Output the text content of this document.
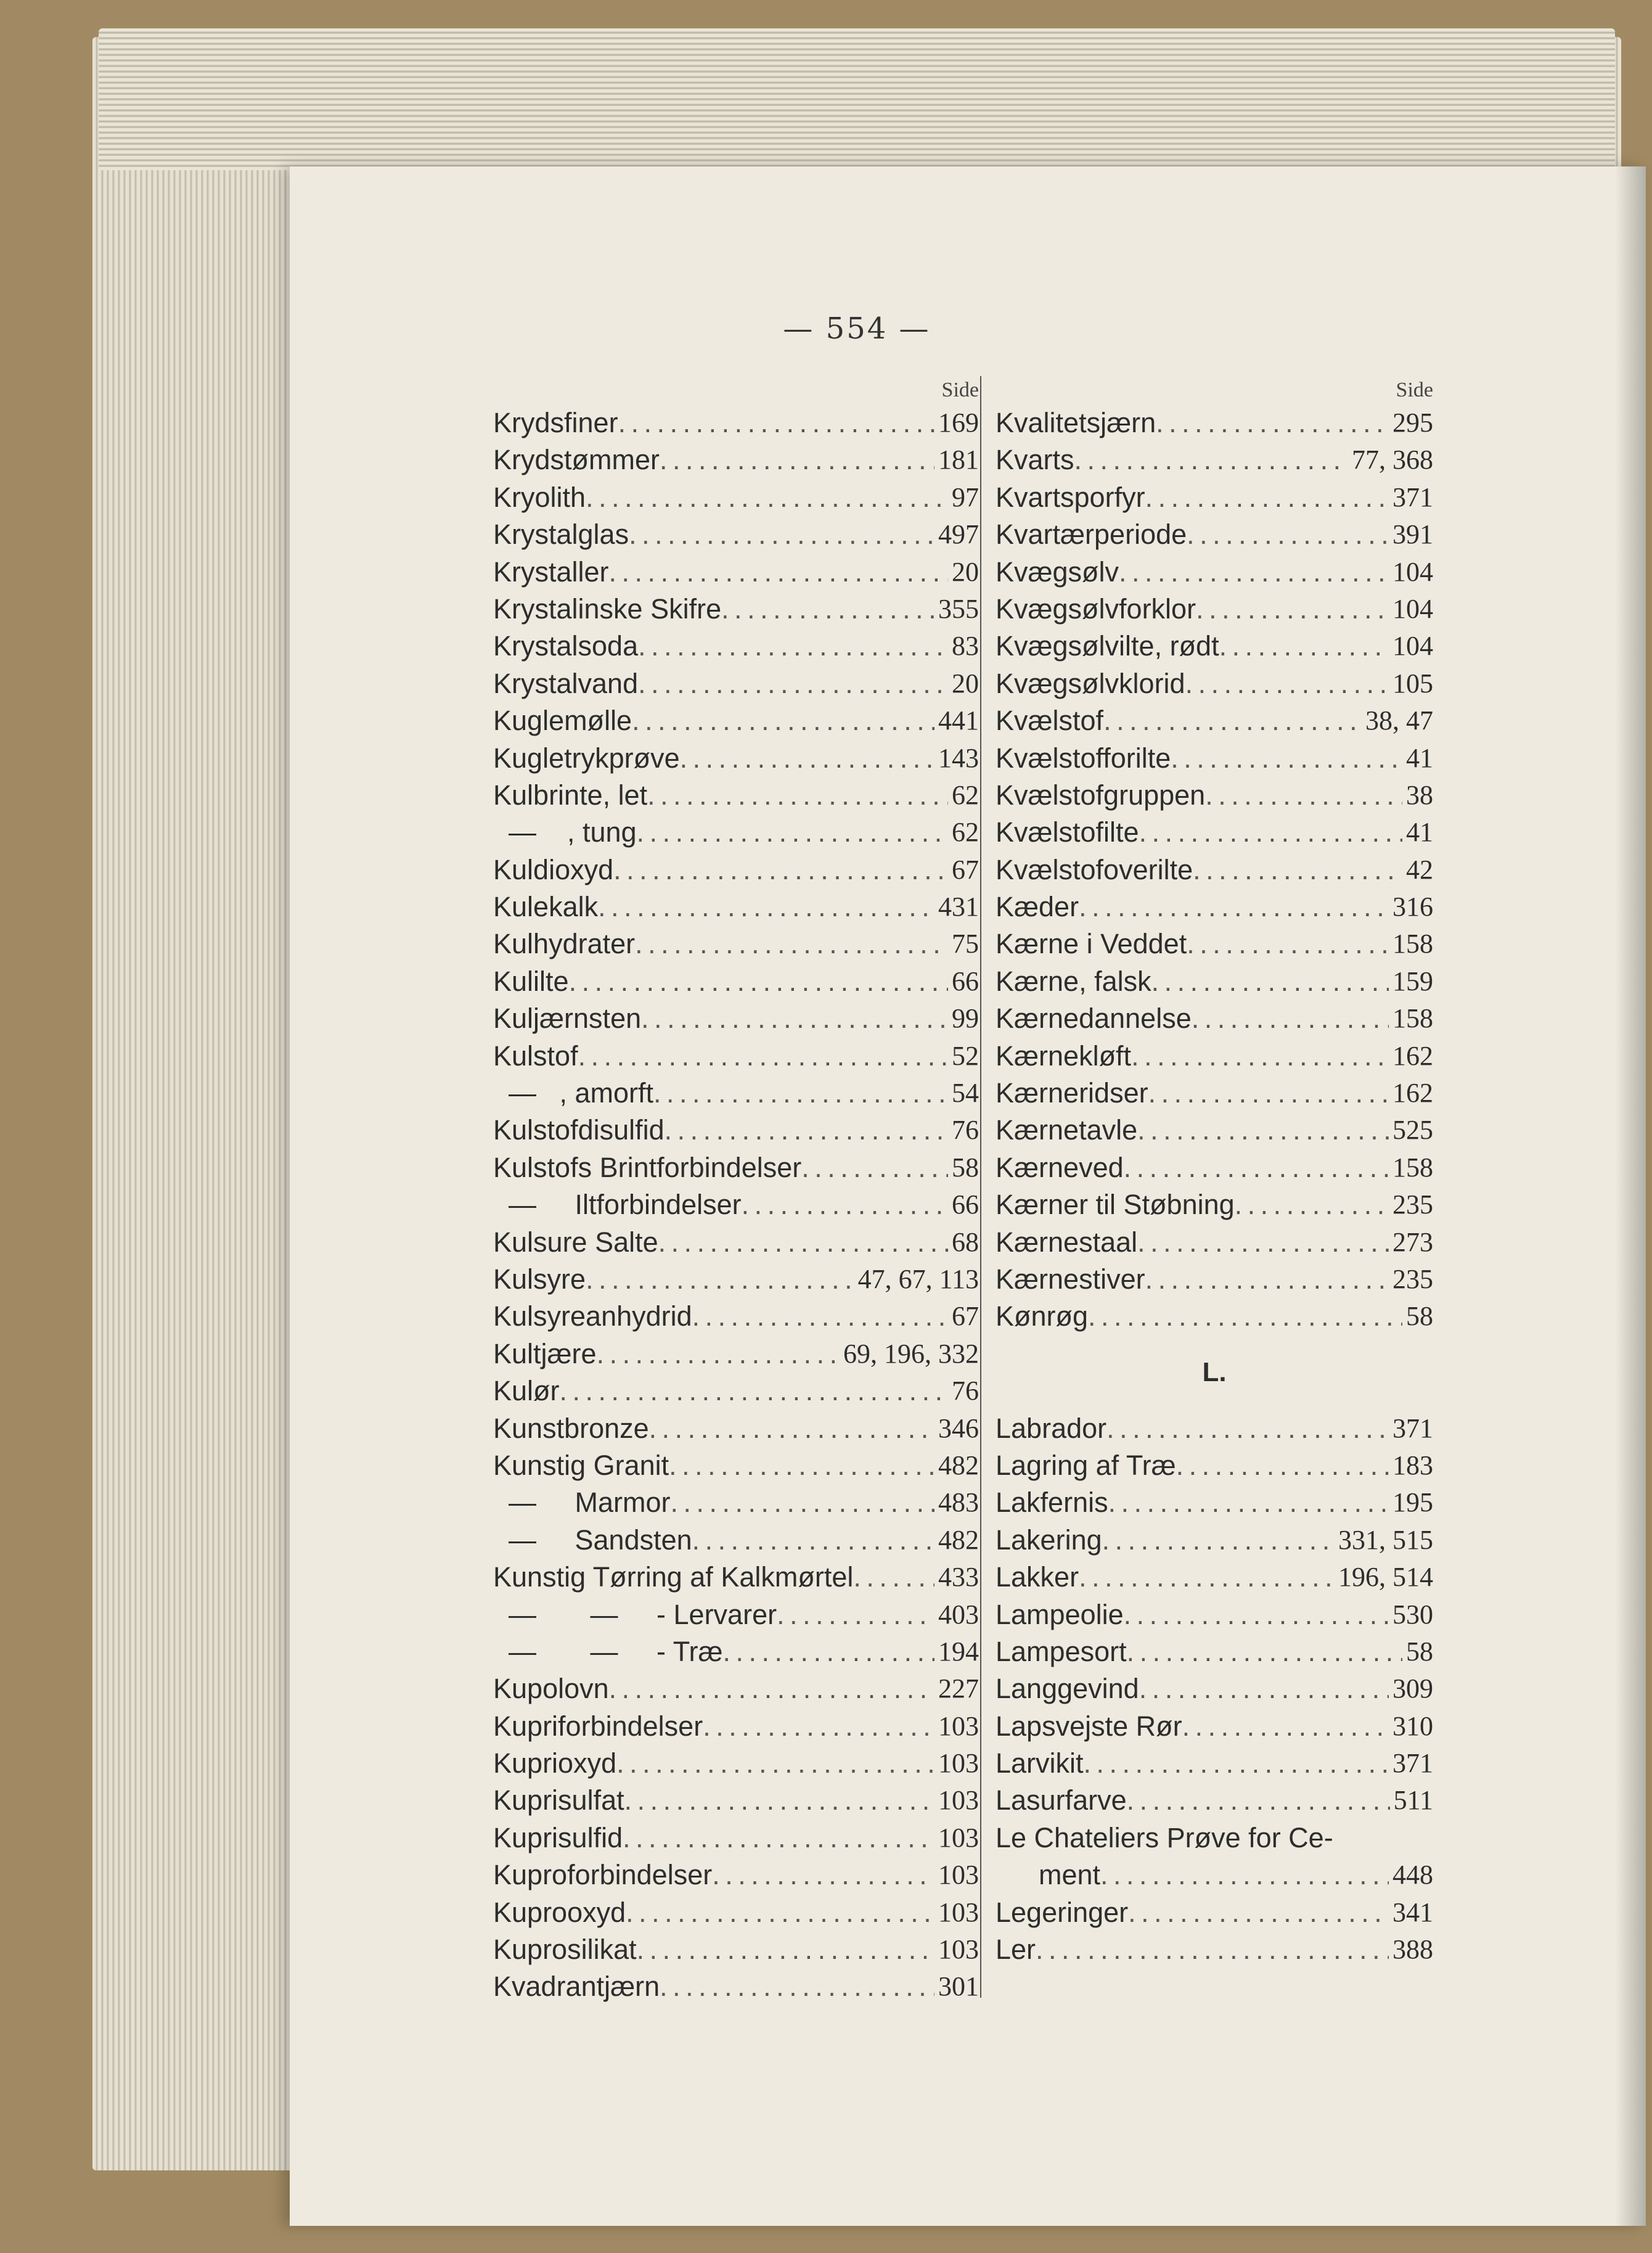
— 554 —
Side
Krydsfiner . . .	169
Krydstømmer . . .	181
Kryolith . . .	97
Krystalglas . . .	497
Krystaller . . .	20
Krystalinske Skifre . . .	355
Krystalsoda . . .	83
Krystalvand . . .	20
Kuglemølle . . .	441
Kugletrykprøve . . .	143
Kulbrinte, let . . .	62
—    , tung . . .	62
Kuldioxyd . . .	67
Kulekalk . . .	431
Kulhydrater . . .	75
Kulilte . . .	66
Kuljærnsten . . .	99
Kulstof . . .	52
—   , amorft . . .	54
Kulstofdisulfid . . .	76
Kulstofs Brintforbindelser . . .	58
—     Iltforbindelser . . .	66
Kulsure Salte . . .	68
Kulsyre . . .	47, 67, 113
Kulsyreanhydrid . . .	67
Kultjære . . .	69, 196, 332
Kulør . . .	76
Kunstbronze . . .	346
Kunstig Granit . . .	482
—     Marmor . . .	483
—     Sandsten . . .	482
Kunstig Tørring af Kalkmørtel . . .	433
—       —     - Lervarer . . .	403
—       —     - Træ . . .	194
Kupolovn . . .	227
Kupriforbindelser . . .	103
Kuprioxyd . . .	103
Kuprisulfat . . .	103
Kuprisulfid . . .	103
Kuproforbindelser . . .	103
Kuprooxyd . . .	103
Kuprosilikat . . .	103
Kvadrantjærn . . .	301
Side
Kvalitetsjærn . . .	295
Kvarts . . .	77, 368
Kvartsporfyr . . .	371
Kvartærperiode . . .	391
Kvægsølv . . .	104
Kvægsølvforklor . . .	104
Kvægsølvilte, rødt . . .	104
Kvægsølvklorid . . .	105
Kvælstof . . .	38, 47
Kvælstofforilte . . .	41
Kvælstofgruppen . . .	38
Kvælstofilte . . .	41
Kvælstofoverilte . . .	42
Kæder . . .	316
Kærne i Veddet . . .	158
Kærne, falsk . . .	159
Kærnedannelse . . .	158
Kærnekløft . . .	162
Kærneridser . . .	162
Kærnetavle . . .	525
Kærneved . . .	158
Kærner til Støbning . . .	235
Kærnestaal . . .	273
Kærnestiver . . .	235
Kønrøg . . .	58
L.
Labrador . . .	371
Lagring af Træ . . .	183
Lakfernis . . .	195
Lakering . . .	331, 515
Lakker . . .	196, 514
Lampeolie . . .	530
Lampesort . . .	58
Langgevind . . .	309
Lapsvejste Rør . . .	310
Larvikit . . .	371
Lasurfarve . . .	511
Le Chateliers Prøve for Ce-
ment . . .	448
Legeringer . . .	341
Ler . . .	388
